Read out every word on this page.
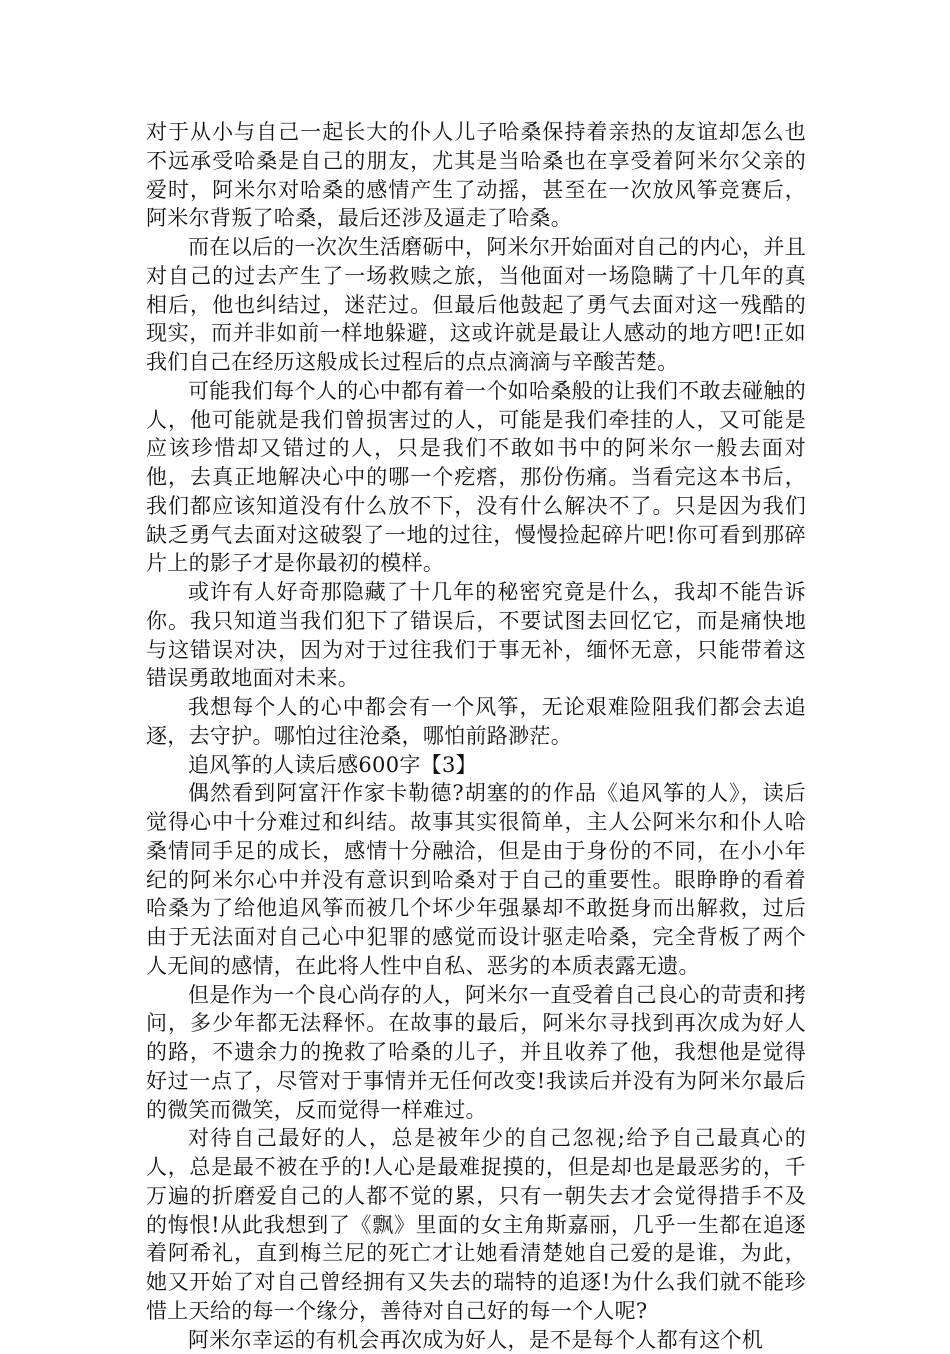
对于从小与自己一起长大的仆人儿子哈桑保持着亲热的友谊却怎么也不远承受哈桑是自己的朋友，尤其是当哈桑也在享受着阿米尔父亲的爱时，阿米尔对哈桑的感情产生了动摇，甚至在一次放风筝竞赛后，阿米尔背叛了哈桑，最后还涉及逼走了哈桑。

而在以后的一次次生活磨砺中，阿米尔开始面对自己的内心，并且对自己的过去产生了一场救赎之旅，当他面对一场隐瞒了十几年的真相后，他也纠结过，迷茫过。但最后他鼓起了勇气去面对这一残酷的现实，而并非如前一样地躲避，这或许就是最让人感动的地方吧!正如我们自己在经历这般成长过程后的点点滴滴与辛酸苦楚。

可能我们每个人的心中都有着一个如哈桑般的让我们不敢去碰触的人，他可能就是我们曾损害过的人，可能是我们牵挂的人，又可能是应该珍惜却又错过的人，只是我们不敢如书中的阿米尔一般去面对他，去真正地解决心中的哪一个疙瘩，那份伤痛。当看完这本书后，我们都应该知道没有什么放不下，没有什么解决不了。只是因为我们缺乏勇气去面对这破裂了一地的过往，慢慢捡起碎片吧!你可看到那碎片上的影子才是你最初的模样。

或许有人好奇那隐藏了十几年的秘密究竟是什么，我却不能告诉你。我只知道当我们犯下了错误后，不要试图去回忆它，而是痛快地与这错误对决，因为对于过往我们于事无补，缅怀无意，只能带着这错误勇敢地面对未来。

我想每个人的心中都会有一个风筝，无论艰难险阻我们都会去追逐，去守护。哪怕过往沧桑，哪怕前路渺茫。

追风筝的人读后感600字【3】

偶然看到阿富汗作家卡勒德?胡塞的的作品《追风筝的人》，读后觉得心中十分难过和纠结。故事其实很简单，主人公阿米尔和仆人哈桑情同手足的成长，感情十分融洽，但是由于身份的不同，在小小年纪的阿米尔心中并没有意识到哈桑对于自己的重要性。眼睁睁的看着哈桑为了给他追风筝而被几个坏少年强暴却不敢挺身而出解救，过后由于无法面对自己心中犯罪的感觉而设计驱走哈桑，完全背板了两个人无间的感情，在此将人性中自私、恶劣的本质表露无遗。

但是作为一个良心尚存的人，阿米尔一直受着自己良心的苛责和拷问，多少年都无法释怀。在故事的最后，阿米尔寻找到再次成为好人的路，不遗余力的挽救了哈桑的儿子，并且收养了他，我想他是觉得好过一点了，尽管对于事情并无任何改变!我读后并没有为阿米尔最后的微笑而微笑，反而觉得一样难过。

对待自己最好的人，总是被年少的自己忽视;给予自己最真心的人，总是最不被在乎的!人心是最难捉摸的，但是却也是最恶劣的，千万遍的折磨爱自己的人都不觉的累，只有一朝失去才会觉得措手不及的悔恨!从此我想到了《飘》里面的女主角斯嘉丽，几乎一生都在追逐着阿希礼，直到梅兰尼的死亡才让她看清楚她自己爱的是谁，为此，她又开始了对自己曾经拥有又失去的瑞特的追逐!为什么我们就不能珍惜上天给的每一个缘分，善待对自己好的每一个人呢?

阿米尔幸运的有机会再次成为好人，是不是每个人都有这个机
